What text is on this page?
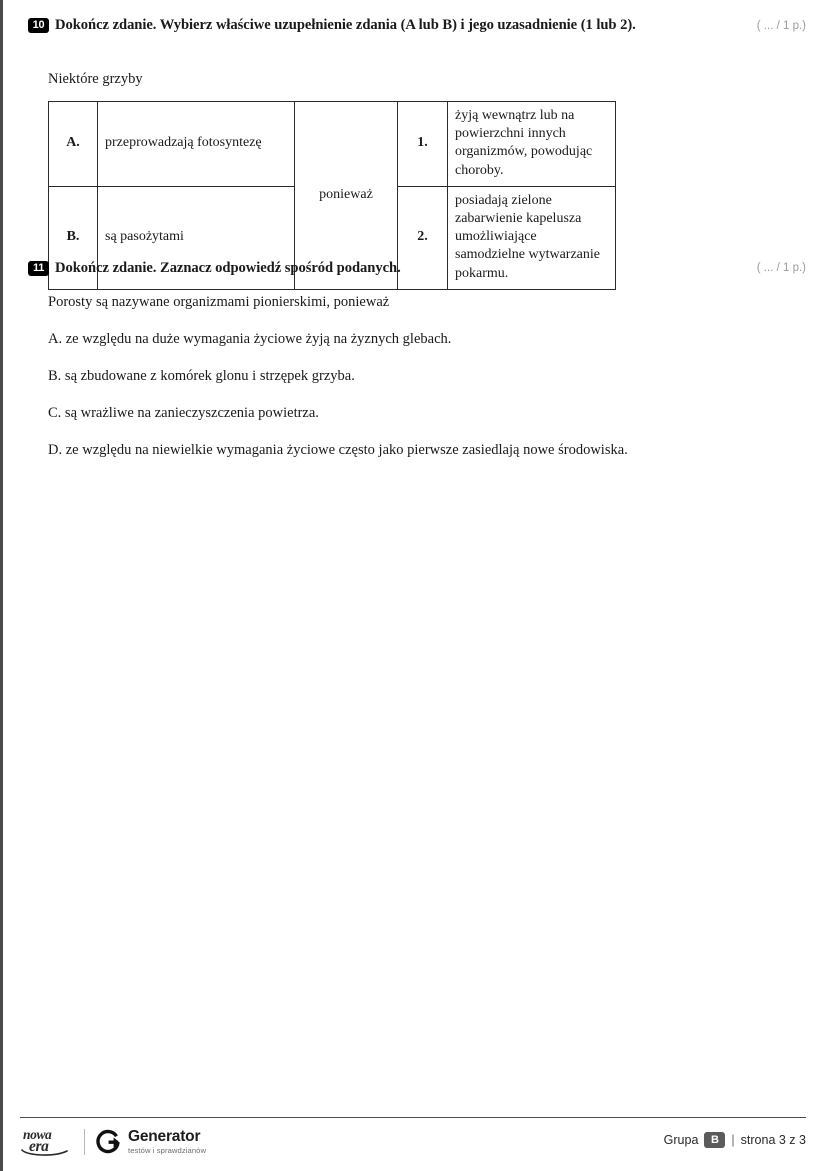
10 Dokończ zdanie. Wybierz właściwe uzupełnienie zdania (A lub B) i jego uzasadnienie (1 lub 2).	( ... / 1 p.)
Niektóre grzyby
A.	przeprowadzają fotosyntezę	ponieważ	1.	żyją wewnątrz lub na powierzchni innych organizmów, powodując choroby.
B.	są pasożytami		2.	posiadają zielone zabarwienie kapelusza umożliwiające samodzielne wytwarzanie pokarmu.
11 Dokończ zdanie. Zaznacz odpowiedź spośród podanych.	( ... / 1 p.)
Porosty są nazywane organizmami pionierskimi, ponieważ
A. ze względu na duże wymagania życiowe żyją na żyznych glebach.
B. są zbudowane z komórek glonu i strzępek grzyba.
C. są wrażliwe na zanieczyszczenia powietrza.
D. ze względu na niewielkie wymagania życiowe często jako pierwsze zasiedlają nowe środowiska.
nowa
era
Generator
testów i sprawdzianów
Grupa	B	| strona 3 z 3
